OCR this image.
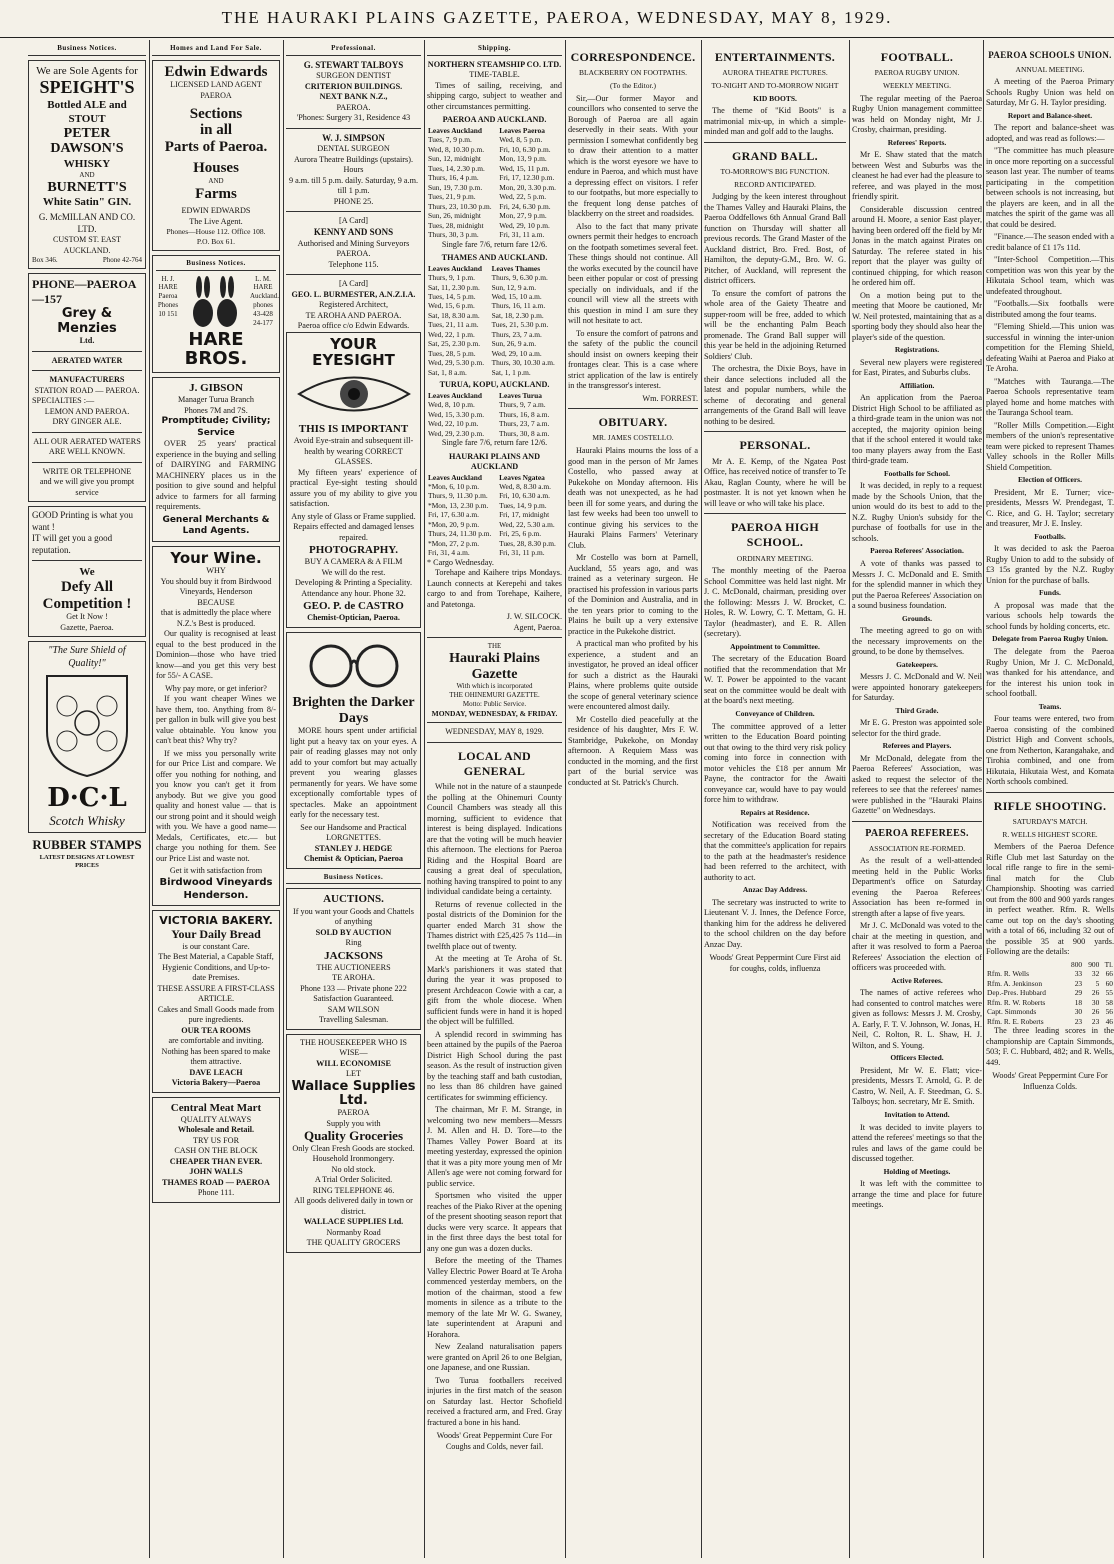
THE HAURAKI PLAINS GAZETTE, PAEROA, WEDNESDAY, MAY 8, 1929.
Business Notices.
We are Sole Agents for
SPEIGHT'S
Bottled ALE and STOUT
PETER DAWSON'S
WHISKY
AND
BURNETT'S
White Satin" GIN.
G. McMILLAN AND CO. LTD.
CUSTOM ST. EAST AUCKLAND.
Box 346.	Phone 42-764
PHONE—PAEROA —157
Grey & Menzies
Ltd.
AERATED WATER
MANUFACTURERS
STATION ROAD — PAEROA.
SPECIALTIES :—
LEMON AND PAEROA.
DRY GINGER ALE.
ALL OUR AERATED WATERS ARE WELL KNOWN.
WRITE OR TELEPHONE
and we will give you prompt service
GOOD Printing is what you want !
IT will get you a good reputation.
We
Defy All
Competition !
Get It Now !
Gazette, Paeroa.
"The Sure Shield of Quality!"
D·C·L
Scotch Whisky
RUBBER STAMPS
LATEST DESIGNS AT LOWEST PRICES
Homes and Land For Sale.
Edwin Edwards
LICENSED LAND AGENT
PAEROA
Sections
in all
Parts of Paeroa.
Houses
AND
Farms
EDWIN EDWARDS
The Live Agent.
Phones—House 112. Office 108.
P.O. Box 61.
Business Notices.
H. J. HARE Paeroa Phones 10 151
L. M. HARE Auckland. phones 43-428 24-177
HARE BROS.
J. GIBSON
Manager Turua Branch
Phones 7M and 7S.
Promptitude; Civility; Service

OVER 25 years' practical experience in the buying and selling of DAIRYING and FARMING MACHINERY places us in the position to give sound and helpful advice to farmers for all farming requirements.

General Merchants & Land Agents.
Your Wine.
WHY
You should buy it from Birdwood Vineyards, Henderson
BECAUSE
that is admittedly the place where N.Z.'s Best is produced.

Our quality is recognised at least equal to the best produced in the Dominion—those who have tried know—and you get this very best for 55/- A CASE.

Why pay more, or get inferior?

If you want cheaper Wines we have them, too. Anything from 8/- per gallon in bulk will give you best value obtainable. You know you can't beat this? Why try?

If we miss you personally write for our Price List and compare. We offer you nothing for nothing, and you know you can't get it from anybody. But we give you good quality and honest value — that is our strong point and it should weigh with you. We have a good name—Medals, Certificates, etc.— but charge you nothing for them. See our Price List and waste not.

Get it with satisfaction from
Birdwood Vineyards Henderson.
VICTORIA BAKERY.
Your Daily Bread
is our constant Care.
The Best Material, a Capable Staff, Hygienic Conditions, and Up-to-date Premises.
THESE ASSURE A FIRST-CLASS ARTICLE.
Cakes and Small Goods made from pure ingredients.
OUR TEA ROOMS
are comfortable and inviting. Nothing has been spared to make them attractive.
DAVE LEACH
Victoria Bakery—Paeroa
Central Meat Mart
QUALITY ALWAYS
Wholesale and Retail.
TRY US FOR
CASH ON THE BLOCK
CHEAPER THAN EVER.
JOHN WALLS
THAMES ROAD — PAEROA
Phone 111.
Professional.
G. STEWART TALBOYS
SURGEON DENTIST
CRITERION BUILDINGS.
NEXT BANK N.Z.,
PAEROA.
'Phones: Surgery 31, Residence 43
W. J. SIMPSON
DENTAL SURGEON
Aurora Theatre Buildings (upstairs).
Hours
9 a.m. till 5 p.m. daily. Saturday, 9 a.m. till 1 p.m.
PHONE 25.
[A Card]
KENNY AND SONS
Authorised and Mining Surveyors PAEROA.
Telephone 115.
[A Card]
GEO. L. BURMESTER, A.N.Z.I.A.
Registered Architect,
TE AROHA AND PAEROA.
Paeroa office c/o Edwin Edwards.
YOUR EYESIGHT
THIS IS IMPORTANT
Avoid Eye-strain and subsequent ill-health by wearing CORRECT GLASSES.

My fifteen years' experience of practical Eye-sight testing should assure you of my ability to give you satisfaction.

Any style of Glass or Frame supplied.
Repairs effected and damaged lenses repaired.
PHOTOGRAPHY.
BUY A CAMERA & A FILM
We will do the rest.
Developing & Printing a Speciality.
Attendance any hour. Phone 32.
GEO. P. de CASTRO
Chemist-Optician, Paeroa.
Brighten the Darker Days

MORE hours spent under artificial light put a heavy tax on your eyes. A pair of reading glasses may not only add to your comfort but may actually prevent you wearing glasses permanently for years. We have some exceptionally comfortable types of spectacles. Make an appointment early for the necessary test.

See our Handsome and Practical LORGNETTES.
STANLEY J. HEDGE
Chemist & Optician, Paeroa
Business Notices.
AUCTIONS.
If you want your Goods and Chattels of anything
SOLD BY AUCTION
Ring
JACKSONS
THE AUCTIONEERS
TE AROHA.
Phone 133 — Private phone 222
Satisfaction Guaranteed.
SAM WILSON
Travelling Salesman.
THE HOUSEKEEPER WHO IS WISE—
WILL ECONOMISE
LET
Wallace Supplies Ltd.
PAEROA
Supply you with
Quality Groceries
Only Clean Fresh Goods are stocked.
Household Ironmongery.
No old stock.
A Trial Order Solicited.
RING TELEPHONE 46.
All goods delivered daily in town or district.
WALLACE SUPPLIES Ltd.
Normanby Road
THE QUALITY GROCERS
Shipping.
NORTHERN STEAMSHIP CO. LTD.
TIME-TABLE.

Times of sailing, receiving, and shipping cargo, subject to weather and other circumstances permitting.

PAEROA AND AUCKLAND.
Leaves Auckland	Leaves Paeroa
Tues, 7, 9 p.m.	Wed, 8, 5 p.m.
Wed, 8, 10.30 p.m.	Fri, 10, 6.30 p.m.
Sun, 12, midnight	Mon, 13, 9 p.m.
Tues, 14, 2.30 p.m.	Wed, 15, 11 p.m.
Thurs, 16, 4 p.m.	Fri, 17, 12.30 p.m.
Sun, 19, 7.30 p.m.	Mon, 20, 3.30 p.m.
Tues, 21, 9 p.m.	Wed, 22, 5 p.m.
Thurs, 23, 10.30 p.m.	Fri, 24, 6.30 p.m.
Sun, 26, midnight	Mon, 27, 9 p.m.
Tues, 28, midnight	Wed, 29, 10 p.m.
Thurs, 30, 3 p.m.	Fri, 31, 11 a.m.
Single fare 7/6, return fare 12/6.
THAMES AND AUCKLAND.
Leaves Auckland	Leaves Thames
Thurs, 9, 1 p.m.	Thurs, 9, 6.30 p.m.
Sat, 11, 2.30 p.m.	Sun, 12, 9 a.m.
Tues, 14, 5 p.m.	Wed, 15, 10 a.m.
Wed, 15, 6 p.m.	Thurs, 16, 11 a.m.
Sat, 18, 8.30 a.m.	Sat, 18, 2.30 p.m.
Tues, 21, 11 a.m.	Tues, 21, 5.30 p.m.
Wed, 22, 1 p.m.	Thurs, 23, 7 a.m.
Sat, 25, 2.30 p.m.	Sun, 26, 9 a.m.
Tues, 28, 5 p.m.	Wed, 29, 10 a.m.
Wed, 29, 5.30 p.m.	Thurs, 30, 10.30 a.m.
Sat, 1, 8 a.m.	Sat, 1, 1 p.m.
TURUA, KOPU, AUCKLAND.
Leaves Auckland	Leaves Turua
Wed, 8, 10 p.m.	Thurs, 9, 7 a.m.
Wed, 15, 3.30 p.m.	Thurs, 16, 8 a.m.
Wed, 22, 10 p.m.	Thurs, 23, 7 a.m.
Wed, 29, 2.30 p.m.	Thurs, 30, 8 a.m.
Single fare 7/6, return fare 12/6.
HAURAKI PLAINS AND AUCKLAND
Leaves Auckland	Leaves Ngatea
*Mon, 6, 10 p.m.	Wed, 8, 8.30 a.m.
Thurs, 9, 11.30 p.m.	Fri, 10, 6.30 a.m.
*Mon, 13, 2.30 p.m.	Tues, 14, 9 p.m.
Fri, 17, 6.30 a.m.	Fri, 17, midnight
*Mon, 20, 9 p.m.	Wed, 22, 5.30 a.m.
Thurs, 24, 11.30 p.m.	Fri, 25, 6 p.m.
*Mon, 27, 2 p.m.	Tues, 28, 8.30 p.m.
Fri, 31, 4 a.m.	Fri, 31, 11 p.m.
* Cargo Wednesday.

Torehape and Kaihere trips Mondays. Launch connects at Kerepehi and takes cargo to and from Torehape, Kaihere, and Patetonga.

J. W. SILCOCK.
Agent, Paeroa.
THE
Hauraki Plains Gazette
With which is incorporated
THE OHINEMURI GAZETTE.
Motto: Public Service.
MONDAY, WEDNESDAY, & FRIDAY.
WEDNESDAY, MAY 8, 1929.
LOCAL AND GENERAL

While not in the nature of a staunpede the polling at the Ohinemuri County Council Chambers was steady all this morning, sufficient to evidence that interest is being displayed. Indications are that the voting will be much heavier this afternoon. The elections for Paeroa Riding and the Hospital Board are causing a great deal of speculation, nothing having transpired to point to any individual candidate being a certainty.

Returns of revenue collected in the postal districts of the Dominion for the quarter ended March 31 show the Thames district with £25,425 7s 11d—in twelfth place out of twenty.

At the meeting at Te Aroha of St. Mark's parishioners it was stated that during the year it was proposed to present Archdeacon Cowie with a car, a gift from the whole diocese. When sufficient funds were in hand it is hoped the object will be fulfilled.

A splendid record in swimming has been attained by the pupils of the Paeroa District High School during the past season. As the result of instruction given by the teaching staff and bath custodian, no less than 86 children have gained certificates for swimming efficiency.

The chairman, Mr F. M. Strange, in welcoming two new members—Messrs J. M. Allen and H. D. Tore—to the Thames Valley Power Board at its meeting yesterday, expressed the opinion that it was a pity more young men of Mr Allen's age were not coming forward for public service.

Sportsmen who visited the upper reaches of the Piako River at the opening of the present shooting season report that ducks were very scarce. It appears that in the first three days the best total for any one gun was a dozen ducks.

Before the meeting of the Thames Valley Electric Power Board at Te Aroha commenced yesterday members, on the motion of the chairman, stood a few moments in silence as a tribute to the memory of the late Mr W. G. Swaney, late superintendent at Arapuni and Horahora.

New Zealand naturalisation papers were granted on April 26 to one Belgian, one Japanese, and one Russian.

Two Turua footballers received injuries in the first match of the season on Saturday last. Hector Schofield received a fractured arm, and Fred. Gray fractured a bone in his hand.

Woods' Great Peppermint Cure For Coughs and Colds, never fail.
CORRESPONDENCE.
BLACKBERRY ON FOOTPATHS.
(To the Editor.)

Sir,—Our former Mayor and councillors who consented to serve the Borough of Paeroa are all again deservedly in their seats. With your permission I somewhat confidently beg to draw their attention to a matter which is the worst eyesore we have to endure in Paeroa, and which must have a depressing effect on visitors. I refer to our footpaths, but more especially to the frequent long dense patches of blackberry on the street and roadsides.

Also to the fact that many private owners permit their hedges to encroach on the footpath sometimes several feet. These things should not continue. All the works executed by the council have been either popular or cost of pressing specially on individuals, and if the council will view all the streets with this question in mind I am sure they will not hesitate to act.

To ensure the comfort of patrons and the safety of the public the council should insist on owners keeping their frontages clear. This is a case where strict application of the law is entirely in the transgressor's interest.

Wm. FORREST.
OBITUARY.
MR. JAMES COSTELLO.

Hauraki Plains mourns the loss of a good man in the person of Mr James Costello, who passed away at Pukekohe on Monday afternoon. His death was not unexpected, as he had been ill for some years, and during the last few weeks had been too unwell to continue giving his services to the Hauraki Plains Farmers' Veterinary Club.

Mr Costello was born at Parnell, Auckland, 55 years ago, and was trained as a veterinary surgeon. He practised his profession in various parts of the Dominion and Australia, and in the ten years prior to coming to the Plains he built up a very extensive practice in the Pukekohe district.

A practical man who profited by his experience, a student and an investigator, he proved an ideal officer for such a district as the Hauraki Plains, where problems quite outside the scope of general veterinary science were encountered almost daily.

Mr Costello died peacefully at the residence of his daughter, Mrs F. W. Stambridge, Pukekohe, on Monday afternoon. A Requiem Mass was conducted in the morning, and the first part of the burial service was conducted at St. Patrick's Church.

ENTERTAINMENTS.
AURORA THEATRE PICTURES.
TO-NIGHT AND TO-MORROW NIGHT
KID BOOTS.

The theme of "Kid Boots" is a matrimonial mix-up, in which a simple-minded man and golf add to the laughs.

GRAND BALL.
TO-MORROW'S BIG FUNCTION.
RECORD ANTICIPATED.

Judging by the keen interest throughout the Thames Valley and Hauraki Plains, the Paeroa Oddfellows 6th Annual Grand Ball function on Thursday will shatter all previous records. The Grand Master of the Auckland district, Bro. Fred. Bost, of Hamilton, the deputy-G.M., Bro. W. G. Pitcher, of Auckland, will represent the district officers.

To ensure the comfort of patrons the whole area of the Gaiety Theatre and supper-room will be free, added to which will be the enchanting Palm Beach promenade. The Grand Ball supper will this year be held in the adjoining Returned Soldiers' Club.

The orchestra, the Dixie Boys, have in their dance selections included all the latest and popular numbers, while the scheme of decorating and general arrangements of the Grand Ball will leave nothing to be desired.

PERSONAL.

Mr A. E. Kemp, of the Ngatea Post Office, has received notice of transfer to Te Akau, Raglan County, where he will be postmaster. It is not yet known when he will leave or who will take his place.

PAEROA HIGH SCHOOL.
ORDINARY MEETING.

The monthly meeting of the Paeroa School Committee was held last night. Mr J. C. McDonald, chairman, presiding over the following: Messrs J. W. Brocket, C. Holes, R. W. Lowry, C. T. Mettam, G. H. Taylor (headmaster), and E. R. Allen (secretary).

Appointment to Committee.

The secretary of the Education Board notified that the recommendation that Mr W. T. Power be appointed to the vacant seat on the committee would be dealt with at the board's next meeting.

Conveyance of Children.

The committee approved of a letter written to the Education Board pointing out that owing to the third very risk policy coming into force in connection with motor vehicles the £18 per annum Mr Payne, the contractor for the Awaiti conveyance car, would have to pay would force him to withdraw.

Repairs at Residence.

Notification was received from the secretary of the Education Board stating that the committee's application for repairs to the path at the headmaster's residence had been referred to the architect, with authority to act.

Anzac Day Address.

The secretary was instructed to write to Lieutenant V. J. Innes, the Defence Force, thanking him for the address he delivered to the school children on the day before Anzac Day.

Woods' Great Peppermint Cure First aid for coughs, colds, influenza
FOOTBALL.
PAEROA RUGBY UNION.
WEEKLY MEETING.

The regular meeting of the Paeroa Rugby Union management committee was held on Monday night, Mr J. Crosby, chairman, presiding.

Referees' Reports.

Mr E. Shaw stated that the match between West and Suburbs was the cleanest he had ever had the pleasure to referee, and was played in the most friendly spirit.

Considerable discussion centred around H. Moore, a senior East player, having been ordered off the field by Mr Jonas in the match against Pirates on Saturday. The referee stated in his report that the player was guilty of continued chipping, for which reason he ordered him off.

On a motion being put to the meeting that Moore be cautioned, Mr W. Neil protested, maintaining that as a sporting body they should also hear the player's side of the question.

Registrations.

Several new players were registered for East, Pirates, and Suburbs clubs.

Affiliation.

An application from the Paeroa District High School to be affiliated as a third-grade team in the union was not accepted, the majority opinion being that if the school entered it would take too many players away from the East third-grade team.

Footballs for School.

It was decided, in reply to a request made by the Schools Union, that the union would do its best to add to the N.Z. Rugby Union's subsidy for the purchase of footballs for use in the schools.

Paeroa Referees' Association.

A vote of thanks was passed to Messrs J. C. McDonald and E. Smith for the splendid manner in which they put the Paeroa Referees' Association on a sound business foundation.

Grounds.

The meeting agreed to go on with the necessary improvements on the ground, to be done by themselves.

Gatekeepers.

Messrs J. C. McDonald and W. Neil were appointed honorary gatekeepers for Saturday.

Third Grade.

Mr E. G. Preston was appointed sole selector for the third grade.

Referees and Players.

Mr McDonald, delegate from the Paeroa Referees' Association, was asked to request the selector of the referees to see that the referees' names were published in the "Hauraki Plains Gazette" on Wednesdays.

PAEROA REFEREES.
ASSOCIATION RE-FORMED.

As the result of a well-attended meeting held in the Public Works Department's office on Saturday evening the Paeroa Referees' Association has been re-formed in strength after a lapse of five years.

Mr J. C. McDonald was voted to the chair at the meeting in question, and after it was resolved to form a Paeroa Referees' Association the election of officers was proceeded with.

Active Referees.

The names of active referees who had consented to control matches were given as follows: Messrs J. M. Crosby, A. Early, F. T. V. Johnson, W. Jonas, H. Neil, C. Rolton, R. L. Shaw, H. J. Wilton, and S. Young.

Officers Elected.

President, Mr W. E. Flatt; vice-presidents, Messrs T. Arnold, G. P. de Castro, W. Neil, A. F. Steedman, G. S. Talboys; hon. secretary, Mr E. Smith.

Invitation to Attend.

It was decided to invite players to attend the referees' meetings so that the rules and laws of the game could be discussed together.

Holding of Meetings.

It was left with the committee to arrange the time and place for future meetings.

PAEROA SCHOOLS UNION.
ANNUAL MEETING.

A meeting of the Paeroa Primary Schools Rugby Union was held on Saturday, Mr G. H. Taylor presiding.

Report and Balance-sheet.

The report and balance-sheet was adopted, and was read as follows:—

"The committee has much pleasure in once more reporting on a successful season last year. The number of teams participating in the competition between schools is not increasing, but the players are keen, and in all the matches the spirit of the game was all that could be desired.

"Finance.—The season ended with a credit balance of £1 17s 11d.

"Inter-School Competition.—This competition was won this year by the Hikutaia School team, which was undefeated throughout.

"Footballs.—Six footballs were distributed among the four teams.

"Fleming Shield.—This union was successful in winning the inter-union competition for the Fleming Shield, defeating Waihi at Paeroa and Piako at Te Aroha.

"Matches with Tauranga.—The Paeroa Schools representative team played home and home matches with the Tauranga School team.

"Roller Mills Competition.—Eight members of the union's representative team were picked to represent Thames Valley schools in the Roller Mills Shield Competition.

Election of Officers.

President, Mr E. Turner; vice-presidents, Messrs W. Prendegast, T. C. Rice, and G. H. Taylor; secretary and treasurer, Mr J. E. Insley.

Footballs.

It was decided to ask the Paeroa Rugby Union to add to the subsidy of £3 15s granted by the N.Z. Rugby Union for the purchase of balls.

Funds.

A proposal was made that the various schools help towards the school funds by holding concerts, etc.

Delegate from Paeroa Rugby Union.

The delegate from the Paeroa Rugby Union, Mr J. C. McDonald, was thanked for his attendance, and for the interest his union took in school football.

Teams.

Four teams were entered, two from Paeroa consisting of the combined District High and Convent schools, one from Netherton, Karangahake, and Tirohia combined, and one from Hikutaia, Hikutaia West, and Komata North schools combined.

RIFLE SHOOTING.
SATURDAY'S MATCH.
R. WELLS HIGHEST SCORE.

Members of the Paeroa Defence Rifle Club met last Saturday on the local rifle range to fire in the semi-final match for the Club Championship. Shooting was carried out from the 800 and 900 yards ranges in perfect weather. Rfm. R. Wells came out top on the day's shooting with a total of 66, including 32 out of the possible 35 at 900 yards. Following are the details:

	800	900	Tl.
Rfm. R. Wells	33	32	66
Rfm. A. Jenkinson	23	5	60
Dep.-Pres. Hubbard	29	26	55
Rfm. R. W. Roberts	18	30	58
Capt. Simmonds	30	26	56
Rfm. R. E. Roberts	23	23	46

The three leading scores in the championship are Captain Simmonds, 503; F. C. Hubbard, 482; and R. Wells, 449.

Woods' Great Peppermint Cure For Influenza Colds.
